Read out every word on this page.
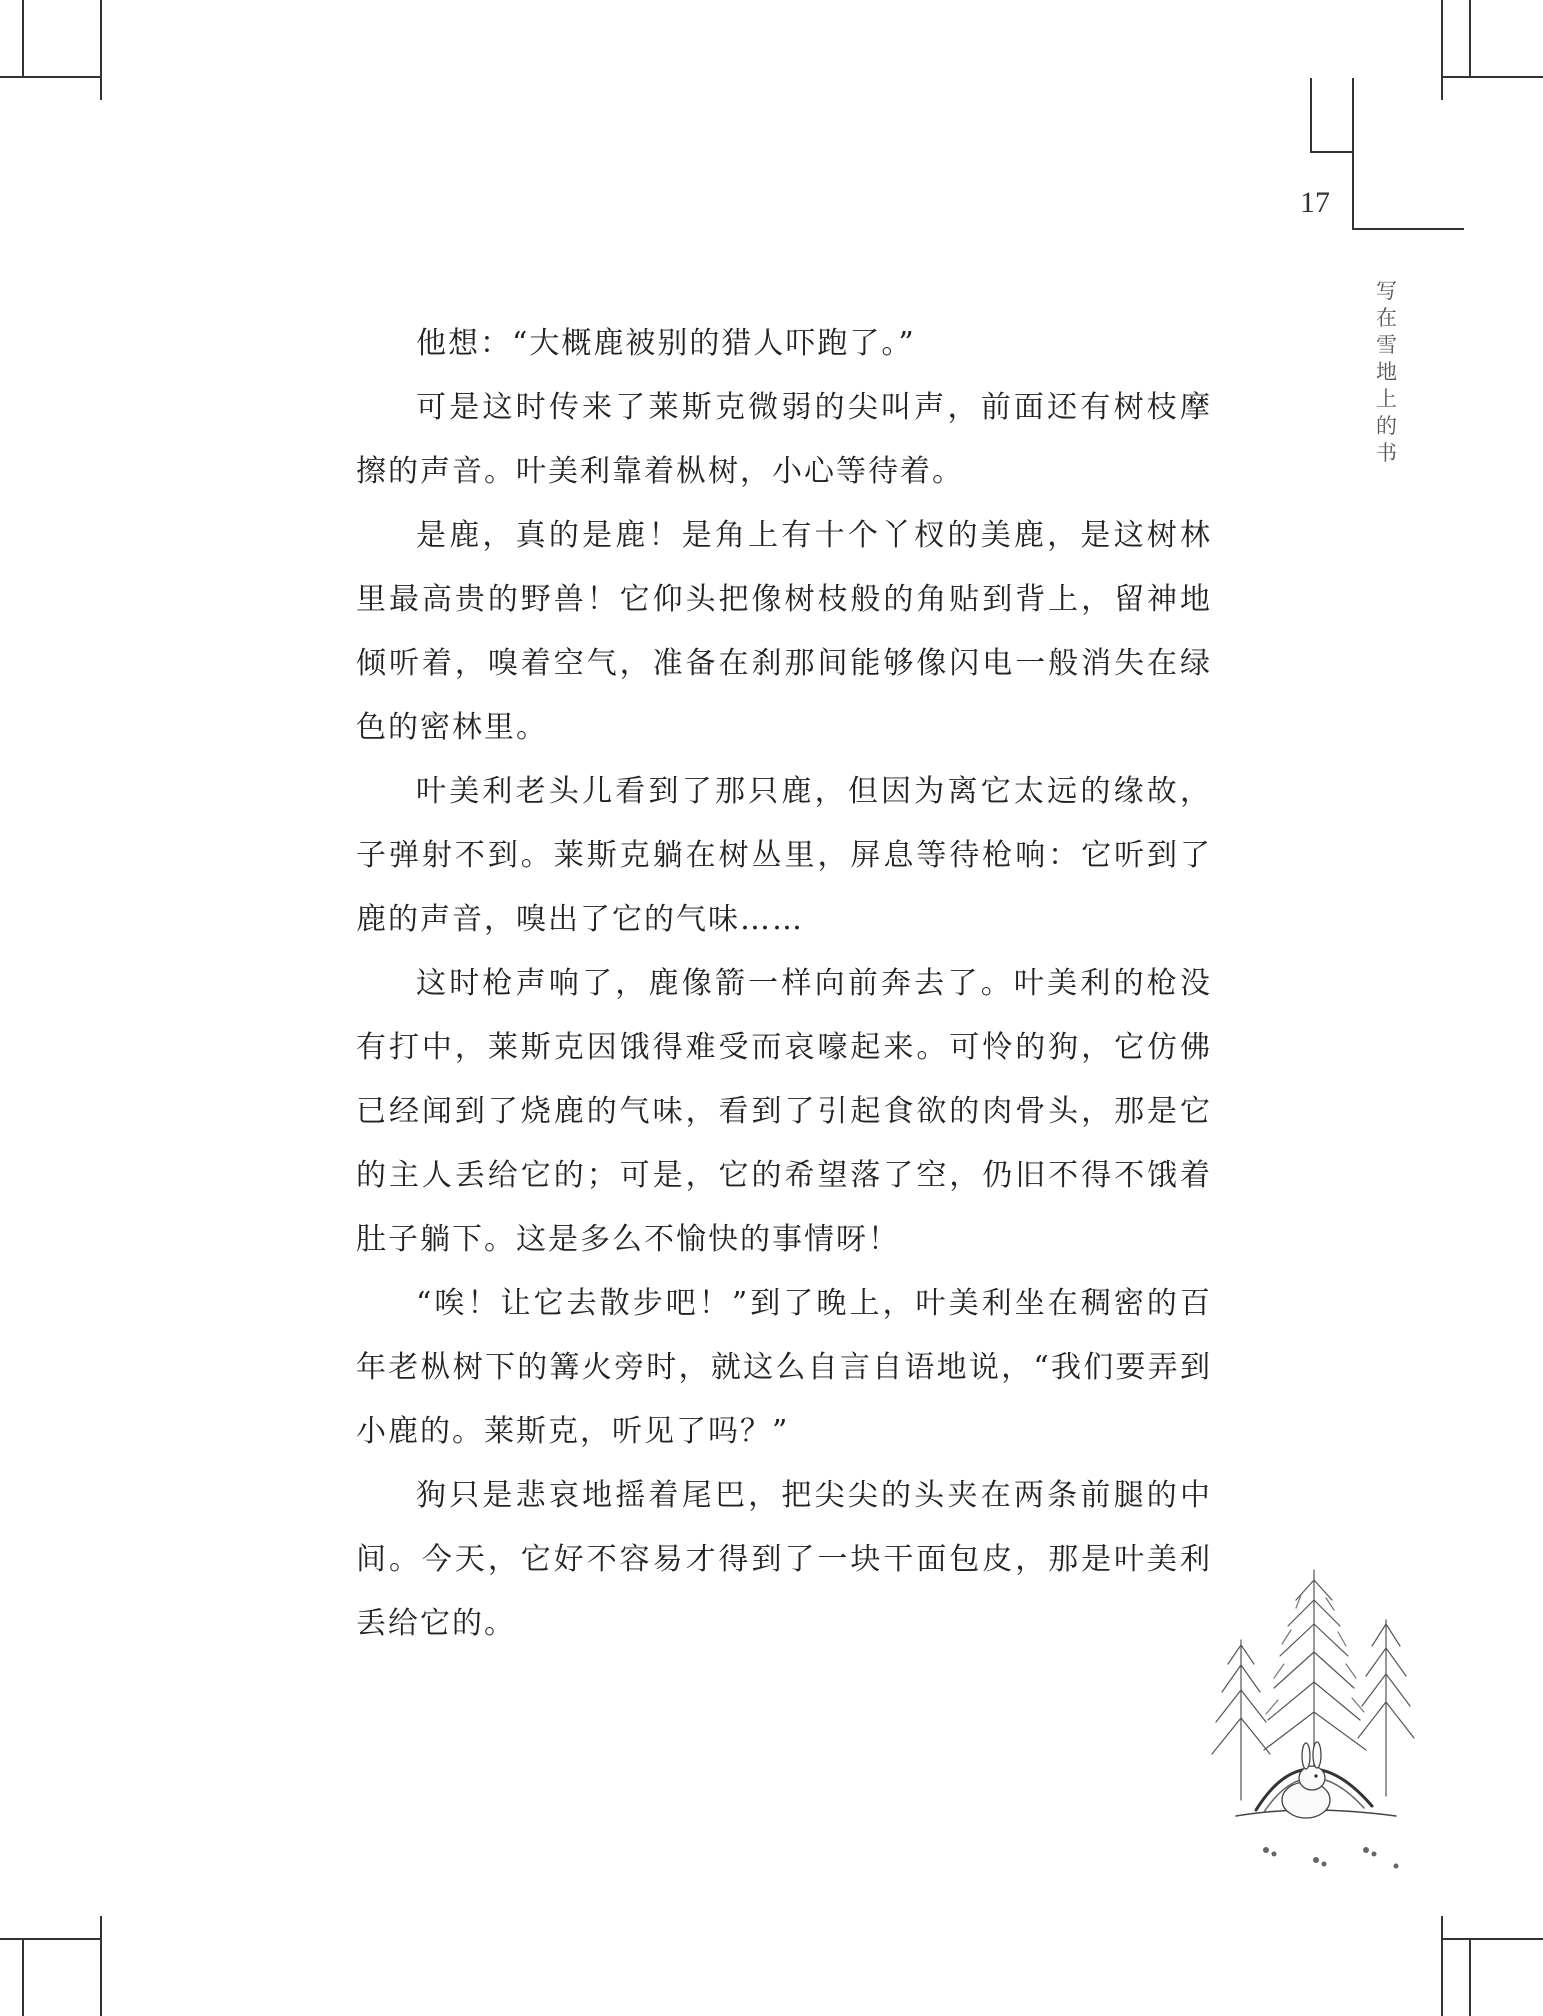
17
写在雪地上的书

他想：“大概鹿被别的猎人吓跑了。”

可是这时传来了莱斯克微弱的尖叫声，前面还有树枝摩擦的声音。叶美利靠着枞树，小心等待着。

是鹿，真的是鹿！是角上有十个丫杈的美鹿，是这树林里最高贵的野兽！它仰头把像树枝般的角贴到背上，留神地倾听着，嗅着空气，准备在刹那间能够像闪电一般消失在绿色的密林里。

叶美利老头儿看到了那只鹿，但因为离它太远的缘故，子弹射不到。莱斯克躺在树丛里，屏息等待枪响：它听到了鹿的声音，嗅出了它的气味……

这时枪声响了，鹿像箭一样向前奔去了。叶美利的枪没有打中，莱斯克因饿得难受而哀嚎起来。可怜的狗，它仿佛已经闻到了烧鹿的气味，看到了引起食欲的肉骨头，那是它的主人丢给它的；可是，它的希望落了空，仍旧不得不饿着肚子躺下。这是多么不愉快的事情呀！

“唉！让它去散步吧！”到了晚上，叶美利坐在稠密的百年老枞树下的篝火旁时，就这么自言自语地说，“我们要弄到小鹿的。莱斯克，听见了吗？”

狗只是悲哀地摇着尾巴，把尖尖的头夹在两条前腿的中间。今天，它好不容易才得到了一块干面包皮，那是叶美利丢给它的。
